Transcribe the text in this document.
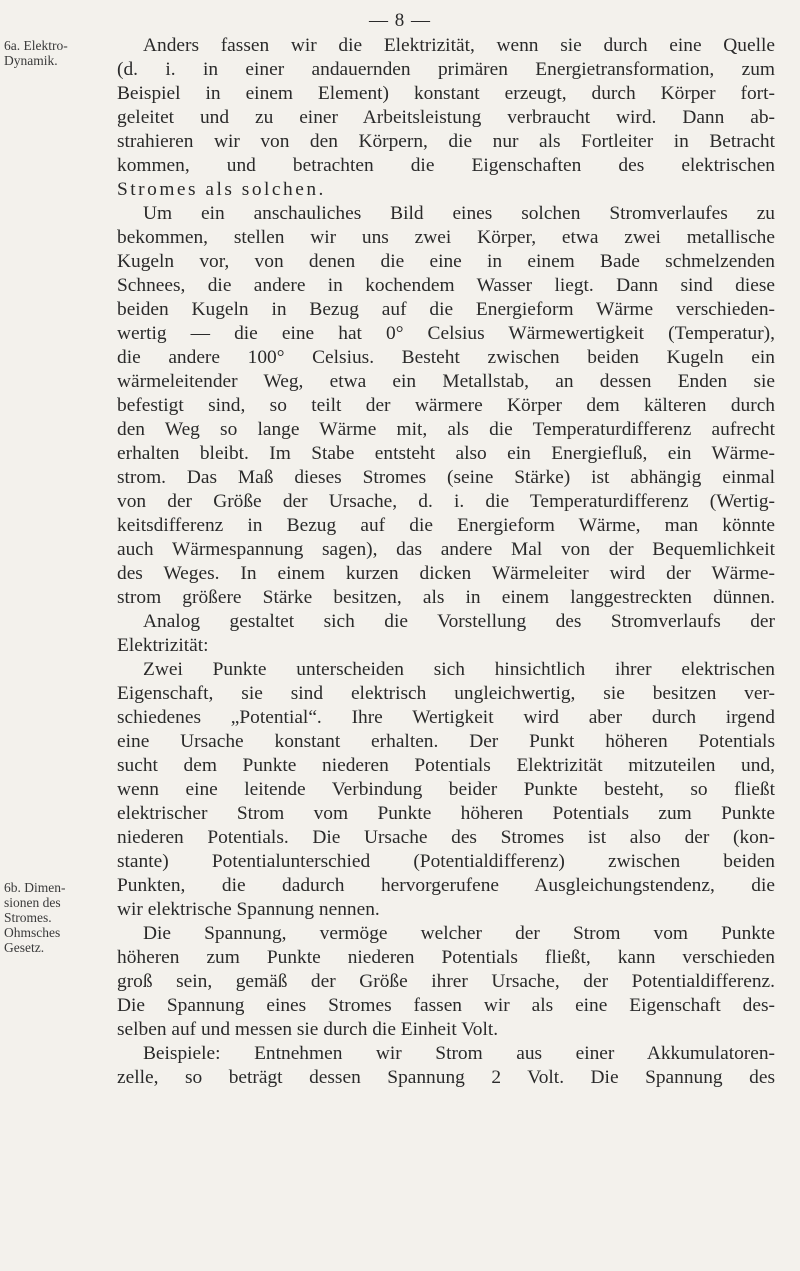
— 8 —
6a. Elektro-
Dynamik.
6b. Dimen-
sionen des
Stromes.
Ohmsches
Gesetz.
Anders fassen wir die Elektrizität, wenn sie durch eine Quelle
(d. i. in einer andauernden primären Energietransformation, zum
Beispiel in einem Element) konstant erzeugt, durch Körper fort-
geleitet und zu einer Arbeitsleistung verbraucht wird. Dann ab-
strahieren wir von den Körpern, die nur als Fortleiter in Betracht
kommen, und betrachten die Eigenschaften des elektrischen
Stromes als solchen.
Um ein anschauliches Bild eines solchen Stromverlaufes zu
bekommen, stellen wir uns zwei Körper, etwa zwei metallische
Kugeln vor, von denen die eine in einem Bade schmelzenden
Schnees, die andere in kochendem Wasser liegt. Dann sind diese
beiden Kugeln in Bezug auf die Energieform Wärme verschieden-
wertig — die eine hat 0° Celsius Wärmewertigkeit (Temperatur),
die andere 100° Celsius. Besteht zwischen beiden Kugeln ein
wärmeleitender Weg, etwa ein Metallstab, an dessen Enden sie
befestigt sind, so teilt der wärmere Körper dem kälteren durch
den Weg so lange Wärme mit, als die Temperaturdifferenz aufrecht
erhalten bleibt. Im Stabe entsteht also ein Energiefluß, ein Wärme-
strom. Das Maß dieses Stromes (seine Stärke) ist abhängig einmal
von der Größe der Ursache, d. i. die Temperaturdifferenz (Wertig-
keitsdifferenz in Bezug auf die Energieform Wärme, man könnte
auch Wärmespannung sagen), das andere Mal von der Bequemlichkeit
des Weges. In einem kurzen dicken Wärmeleiter wird der Wärme-
strom größere Stärke besitzen, als in einem langgestreckten dünnen.
Analog gestaltet sich die Vorstellung des Stromverlaufs der
Elektrizität:
Zwei Punkte unterscheiden sich hinsichtlich ihrer elektrischen
Eigenschaft, sie sind elektrisch ungleichwertig, sie besitzen ver-
schiedenes „Potential“. Ihre Wertigkeit wird aber durch irgend
eine Ursache konstant erhalten. Der Punkt höheren Potentials
sucht dem Punkte niederen Potentials Elektrizität mitzuteilen und,
wenn eine leitende Verbindung beider Punkte besteht, so fließt
elektrischer Strom vom Punkte höheren Potentials zum Punkte
niederen Potentials. Die Ursache des Stromes ist also der (kon-
stante) Potentialunterschied (Potentialdifferenz) zwischen beiden
Punkten, die dadurch hervorgerufene Ausgleichungstendenz, die
wir elektrische Spannung nennen.
Die Spannung, vermöge welcher der Strom vom Punkte
höheren zum Punkte niederen Potentials fließt, kann verschieden
groß sein, gemäß der Größe ihrer Ursache, der Potentialdifferenz.
Die Spannung eines Stromes fassen wir als eine Eigenschaft des-
selben auf und messen sie durch die Einheit Volt.
Beispiele: Entnehmen wir Strom aus einer Akkumulatoren-
zelle, so beträgt dessen Spannung 2 Volt. Die Spannung des
